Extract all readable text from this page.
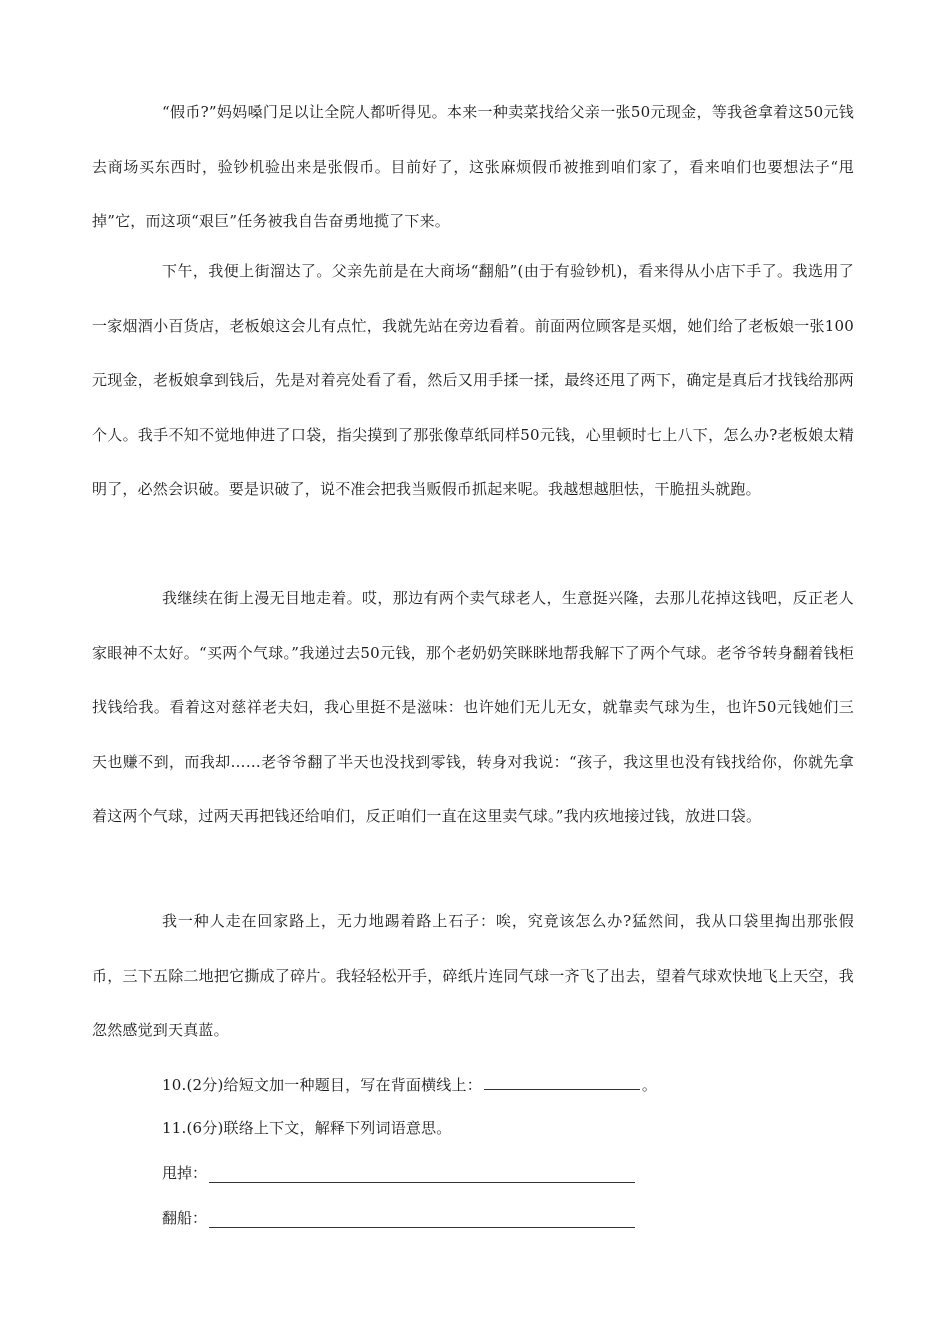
“假币?”妈妈嗓门足以让全院人都听得见。本来一种卖菜找给父亲一张50元现金，等我爸拿着这50元钱去商场买东西时，验钞机验出来是张假币。目前好了，这张麻烦假币被推到咱们家了，看来咱们也要想法子“甩掉”它，而这项“艰巨”任务被我自告奋勇地揽了下来。

下午，我便上街溜达了。父亲先前是在大商场“翻船”(由于有验钞机)，看来得从小店下手了。我选用了一家烟酒小百货店，老板娘这会儿有点忙，我就先站在旁边看着。前面两位顾客是买烟，她们给了老板娘一张100元现金，老板娘拿到钱后，先是对着亮处看了看，然后又用手揉一揉，最终还甩了两下，确定是真后才找钱给那两个人。我手不知不觉地伸进了口袋，指尖摸到了那张像草纸同样50元钱，心里顿时七上八下，怎么办?老板娘太精明了，必然会识破。要是识破了，说不准会把我当贩假币抓起来呢。我越想越胆怯，干脆扭头就跑。

我继续在街上漫无目地走着。哎，那边有两个卖气球老人，生意挺兴隆，去那儿花掉这钱吧，反正老人家眼神不太好。“买两个气球。”我递过去50元钱，那个老奶奶笑眯眯地帮我解下了两个气球。老爷爷转身翻着钱柜找钱给我。看着这对慈祥老夫妇，我心里挺不是滋味：也许她们无儿无女，就靠卖气球为生，也许50元钱她们三天也赚不到，而我却……老爷爷翻了半天也没找到零钱，转身对我说：“孩子，我这里也没有钱找给你，你就先拿着这两个气球，过两天再把钱还给咱们，反正咱们一直在这里卖气球。”我内疚地接过钱，放进口袋。

我一种人走在回家路上，无力地踢着路上石子：唉，究竟该怎么办?猛然间，我从口袋里掏出那张假币，三下五除二地把它撕成了碎片。我轻轻松开手，碎纸片连同气球一齐飞了出去，望着气球欢快地飞上天空，我忽然感觉到天真蓝。

10.(2分)给短文加一种题目，写在背面横线上：	。
11.(6分)联络上下文，解释下列词语意思。
甩掉：
翻船：
